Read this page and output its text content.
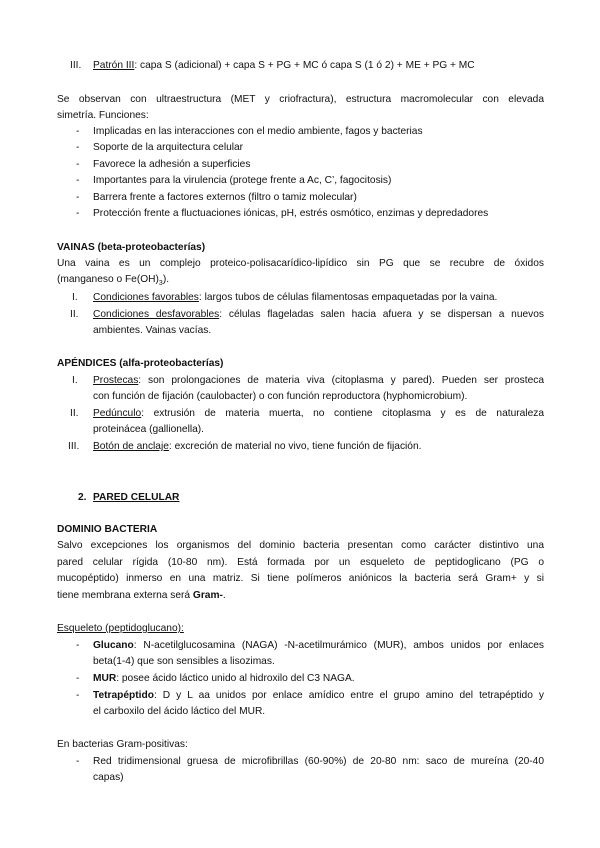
III. Patrón III: capa S (adicional) + capa S + PG + MC ó capa S (1 ó 2) + ME + PG + MC
Se observan con ultraestructura (MET y criofractura), estructura macromolecular con elevada
simetría. Funciones:
- Implicadas en las interacciones con el medio ambiente, fagos y bacterias
- Soporte de la arquitectura celular
- Favorece la adhesión a superficies
- Importantes para la virulencia (protege frente a Ac, C’, fagocitosis)
- Barrera frente a factores externos (filtro o tamiz molecular)
- Protección frente a fluctuaciones iónicas, pH, estrés osmótico, enzimas y depredadores
VAINAS (beta-proteobacterías)
Una vaina es un complejo proteico-polisacarídico-lipídico sin PG que se recubre de óxidos
(manganeso o $Fe(OH)_3$).
I. Condiciones favorables: largos tubos de células filamentosas empaquetadas por la vaina.
II. Condiciones desfavorables: células flageladas salen hacia afuera y se dispersan a nuevos
ambientes. Vainas vacías.
APÉNDICES (alfa-proteobacterías)
I. Prostecas: son prolongaciones de materia viva (citoplasma y pared). Pueden ser prosteca
con función de fijación (caulobacter) o con función reproductora (hyphomicrobium).
II. Pedúnculo: extrusión de materia muerta, no contiene citoplasma y es de naturaleza
proteinácea (gallionella).
III. Botón de anclaje: excreción de material no vivo, tiene función de fijación.
2. PARED CELULAR
DOMINIO BACTERIA
Salvo excepciones los organismos del dominio bacteria presentan como carácter distintivo una
pared celular rígida (10-80 nm). Está formada por un esqueleto de peptidoglicano (PG o
mucopéptido) inmerso en una matriz. Si tiene polímeros aniónicos la bacteria será Gram+ y si
tiene membrana externa será Gram-.
Esqueleto (peptidoglucano):
- Glucano: N-acetilglucosamina (NAGA) -N-acetilmurámico (MUR), ambos unidos por enlaces
beta(1-4) que son sensibles a lisozimas.
- MUR: posee ácido láctico unido al hidroxilo del C3 NAGA.
- Tetrapéptido: D y L aa unidos por enlace amídico entre el grupo amino del tetrapéptido y
el carboxilo del ácido láctico del MUR.
En bacterias Gram-positivas:
- Red tridimensional gruesa de microfibrillas (60-90%) de 20-80 nm: saco de mureína (20-40
capas)
